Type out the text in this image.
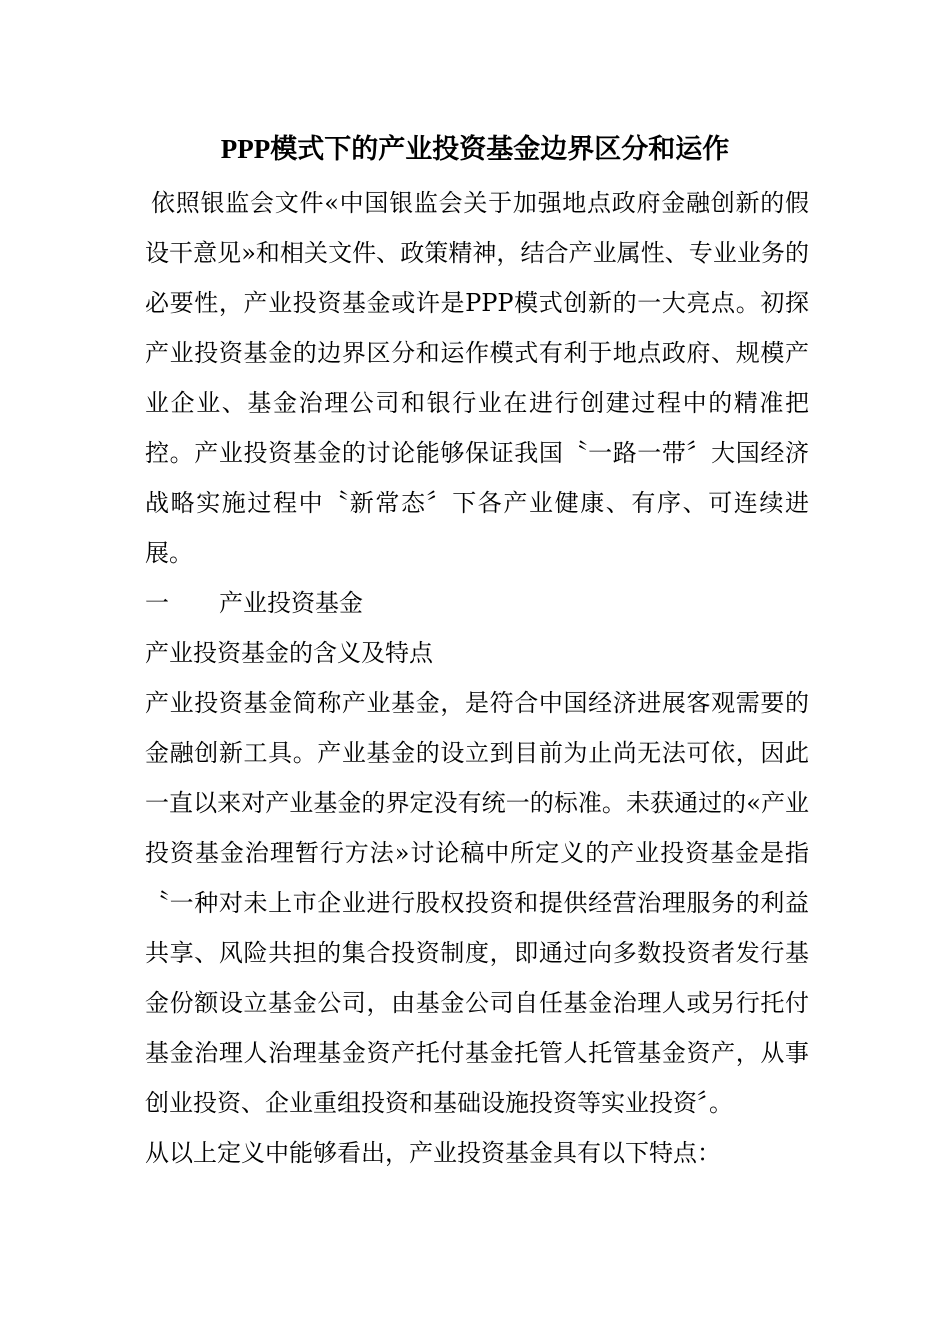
PPP模式下的产业投资基金边界区分和运作

依照银监会文件«中国银监会关于加强地点政府金融创新的假设干意见»和相关文件、政策精神，结合产业属性、专业业务的必要性，产业投资基金或许是PPP模式创新的一大亮点。初探产业投资基金的边界区分和运作模式有利于地点政府、规模产业企业、基金治理公司和银行业在进行创建过程中的精准把控。产业投资基金的讨论能够保证我国〝一路一带〞大国经济战略实施过程中〝新常态〞下各产业健康、有序、可连续进展。

一	产业投资基金

产业投资基金的含义及特点

产业投资基金简称产业基金，是符合中国经济进展客观需要的金融创新工具。产业基金的设立到目前为止尚无法可依，因此一直以来对产业基金的界定没有统一的标准。未获通过的«产业投资基金治理暂行方法»讨论稿中所定义的产业投资基金是指〝一种对未上市企业进行股权投资和提供经营治理服务的利益共享、风险共担的集合投资制度，即通过向多数投资者发行基金份额设立基金公司，由基金公司自任基金治理人或另行托付基金治理人治理基金资产托付基金托管人托管基金资产，从事创业投资、企业重组投资和基础设施投资等实业投资〞。

从以上定义中能够看出，产业投资基金具有以下特点：
